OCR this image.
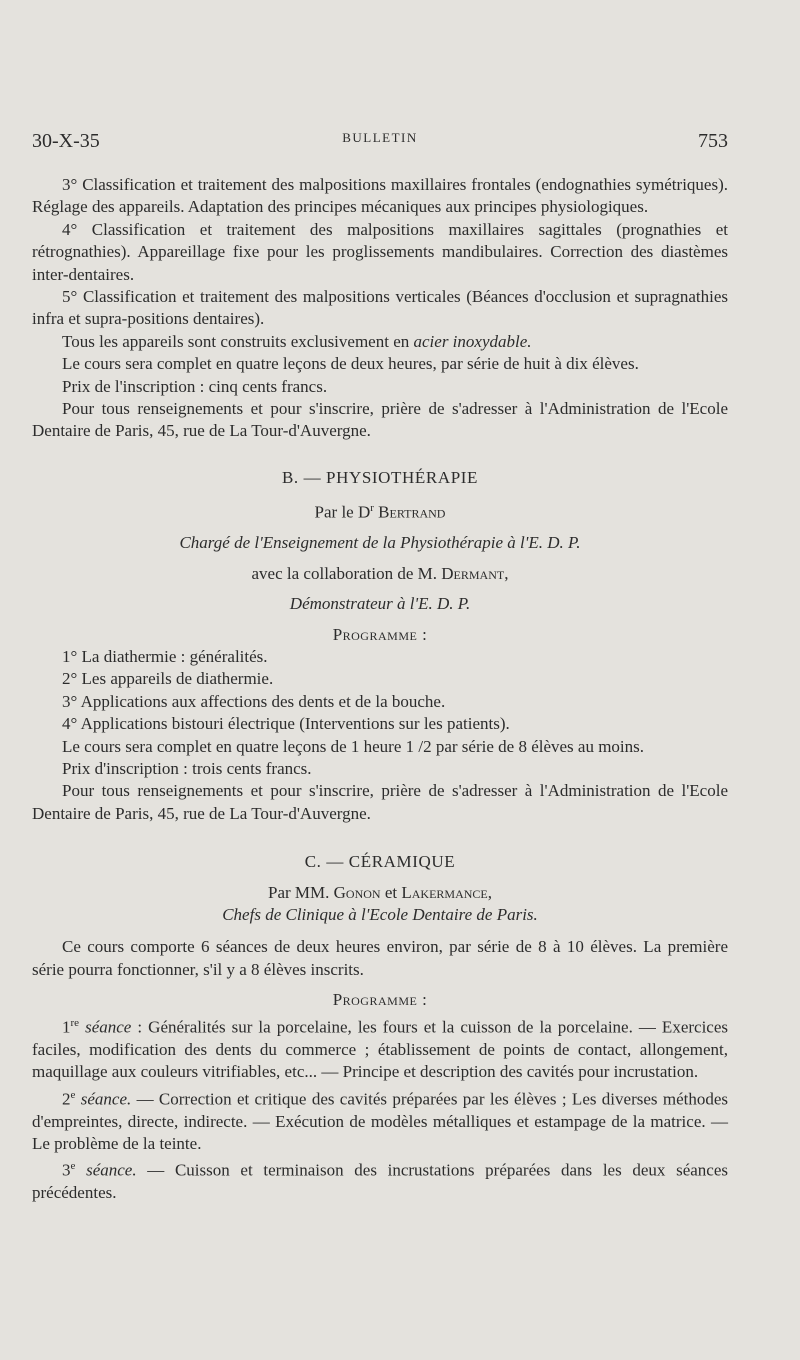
30-X-35	BULLETIN	753

3° Classification et traitement des malpositions maxillaires frontales (endognathies symétriques). Réglage des appareils. Adaptation des principes mécaniques aux principes physiologiques.

4° Classification et traitement des malpositions maxillaires sagittales (prognathies et rétrognathies). Appareillage fixe pour les proglissements mandibulaires. Correction des diastèmes inter-dentaires.

5° Classification et traitement des malpositions verticales (Béances d'occlusion et supragnathies infra et supra-positions dentaires).

Tous les appareils sont construits exclusivement en acier inoxydable.

Le cours sera complet en quatre leçons de deux heures, par série de huit à dix élèves.

Prix de l'inscription : cinq cents francs.

Pour tous renseignements et pour s'inscrire, prière de s'adresser à l'Administration de l'Ecole Dentaire de Paris, 45, rue de La Tour-d'Auvergne.

B. — PHYSIOTHÉRAPIE

Par le $D^r$ Bertrand

Chargé de l'Enseignement de la Physiothérapie à l'E. D. P.

avec la collaboration de M. Dermant,

Démonstrateur à l'E. D. P.

Programme :

1° La diathermie : généralités.

2° Les appareils de diathermie.

3° Applications aux affections des dents et de la bouche.

4° Applications bistouri électrique (Interventions sur les patients).

Le cours sera complet en quatre leçons de 1 heure 1 /2 par série de 8 élèves au moins.

Prix d'inscription : trois cents francs.

Pour tous renseignements et pour s'inscrire, prière de s'adresser à l'Administration de l'Ecole Dentaire de Paris, 45, rue de La Tour-d'Auvergne.

C. — CÉRAMIQUE

Par MM. Gonon et Lakermance,

Chefs de Clinique à l'Ecole Dentaire de Paris.

Ce cours comporte 6 séances de deux heures environ, par série de 8 à 10 élèves. La première série pourra fonctionner, s'il y a 8 élèves inscrits.

Programme :

1re séance : Généralités sur la porcelaine, les fours et la cuisson de la porcelaine. — Exercices faciles, modification des dents du commerce ; établissement de points de contact, allongement, maquillage aux couleurs vitrifiables, etc... — Principe et description des cavités pour incrustation.

2e séance. — Correction et critique des cavités préparées par les élèves ; Les diverses méthodes d'empreintes, directe, indirecte. — Exécution de modèles métalliques et estampage de la matrice. — Le problème de la teinte.

3e séance. — Cuisson et terminaison des incrustations préparées dans les deux séances précédentes.
